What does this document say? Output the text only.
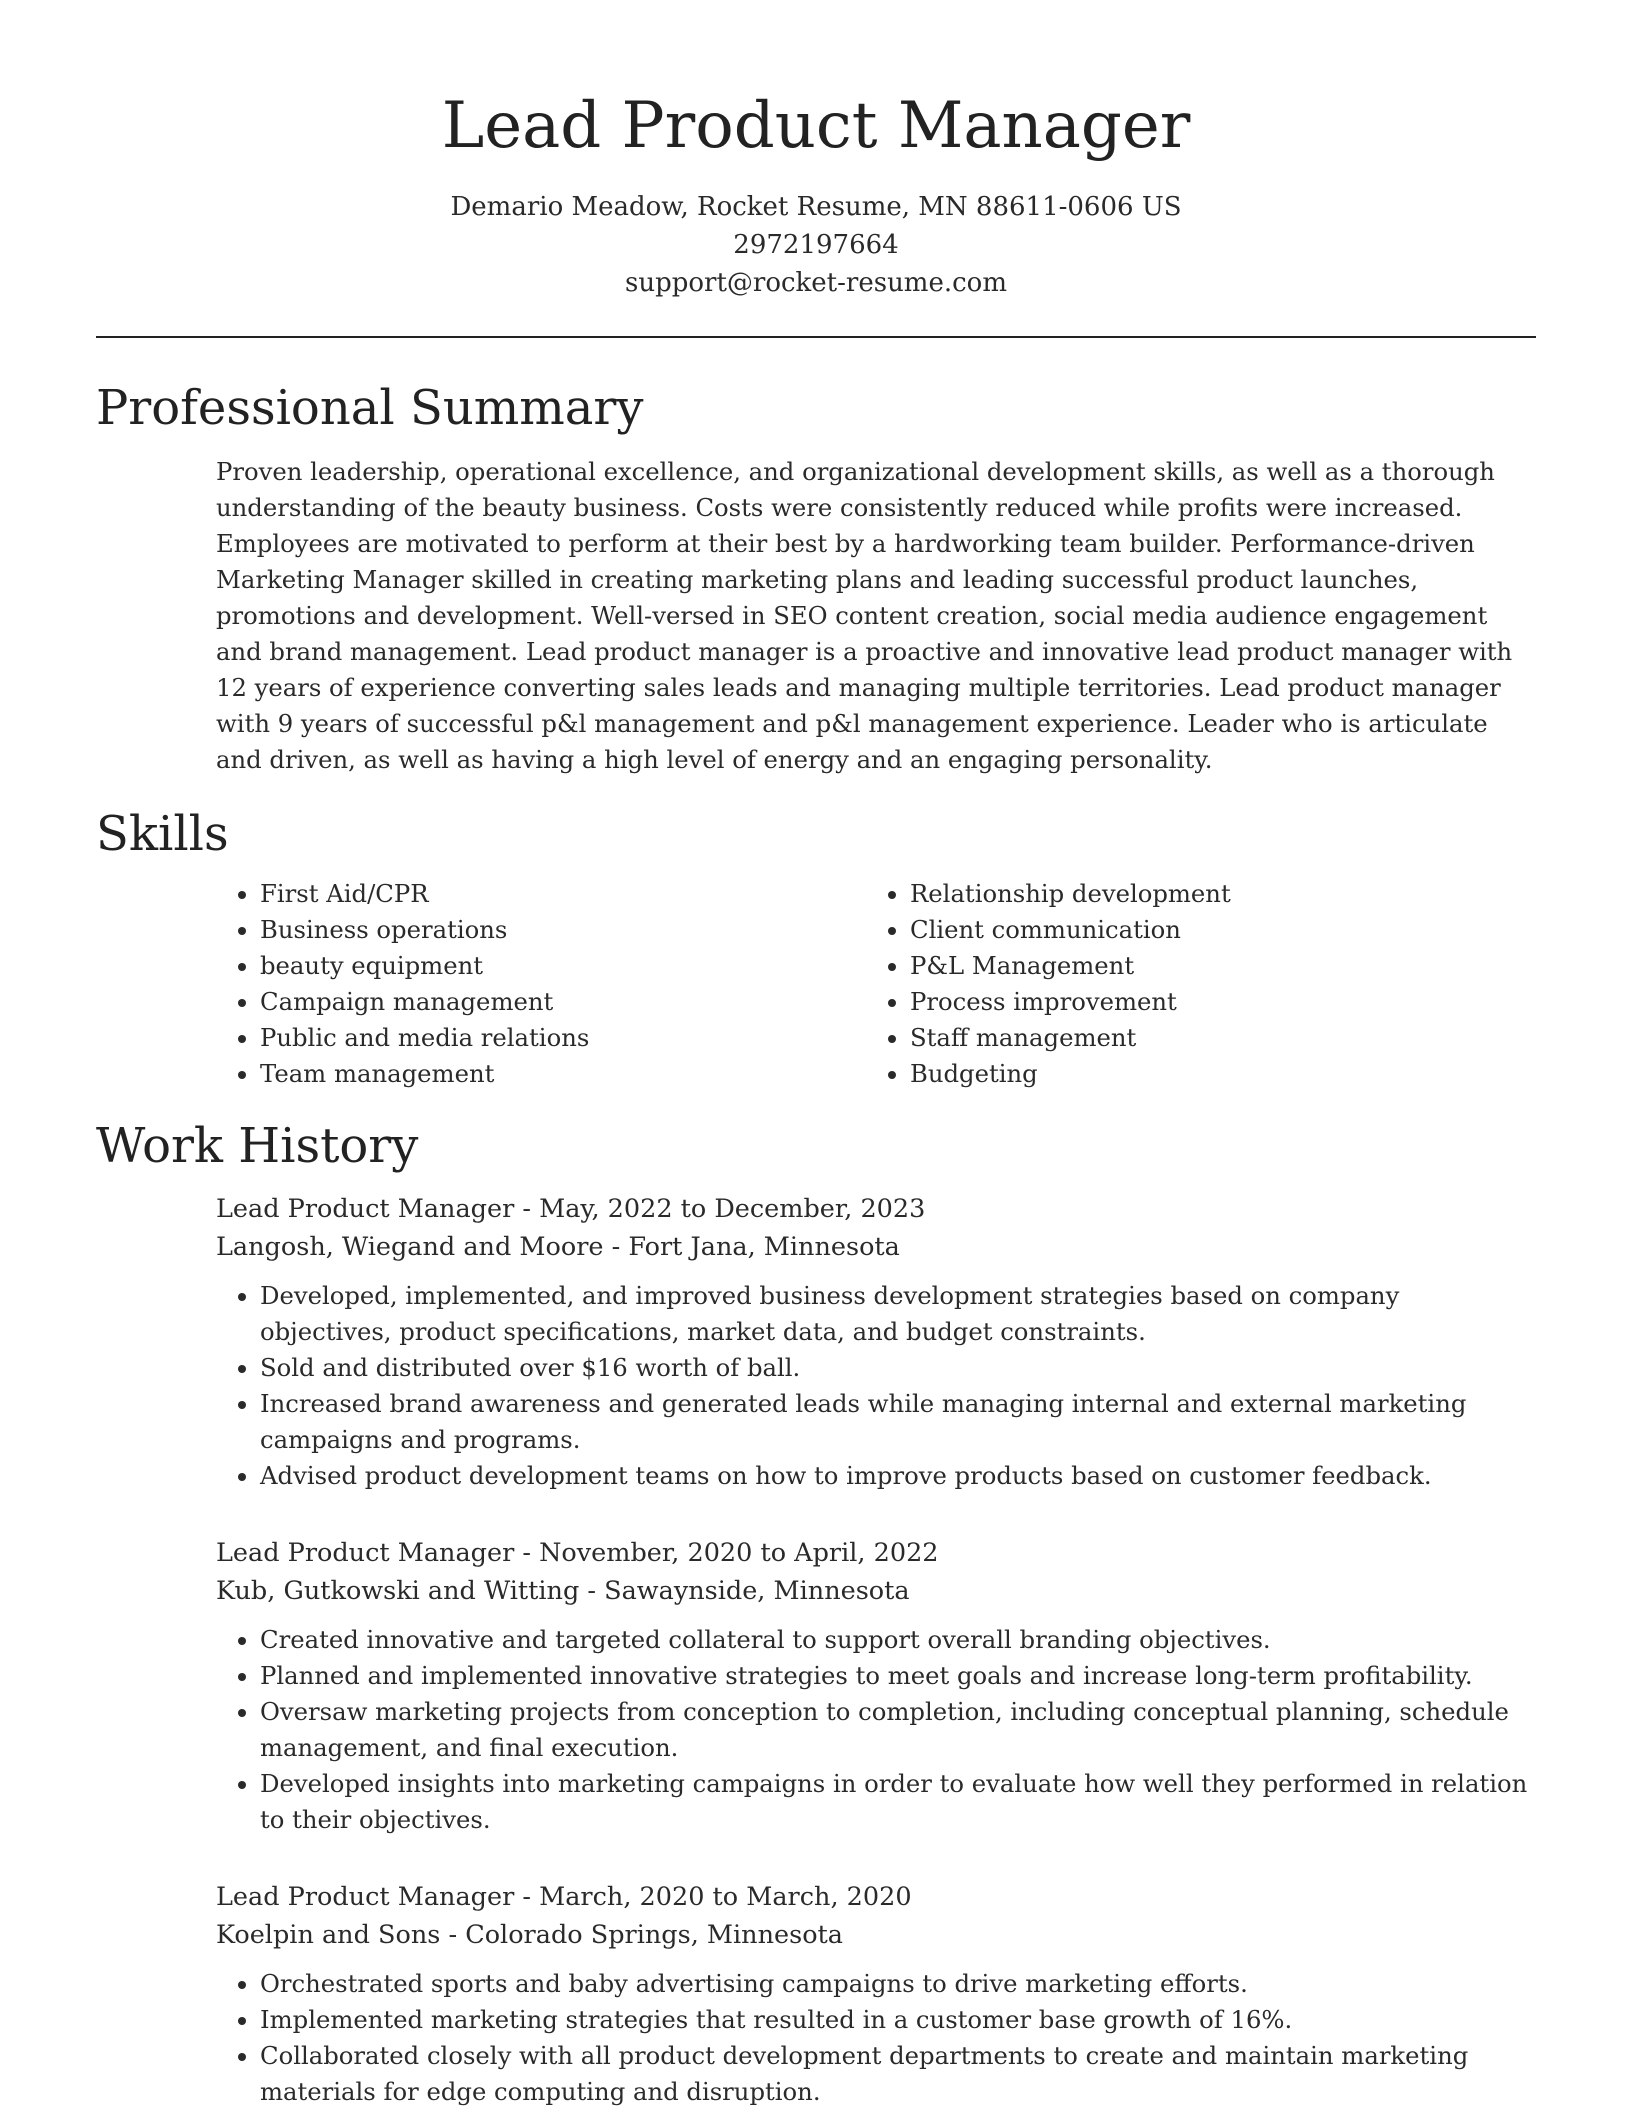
Lead Product Manager
Demario Meadow, Rocket Resume, MN 88611-0606 US
2972197664
support@rocket-resume.com
Professional Summary
Proven leadership, operational excellence, and organizational development skills, as well as a thorough understanding of the beauty business. Costs were consistently reduced while profits were increased. Employees are motivated to perform at their best by a hardworking team builder. Performance-driven Marketing Manager skilled in creating marketing plans and leading successful product launches, promotions and development. Well-versed in SEO content creation, social media audience engagement and brand management. Lead product manager is a proactive and innovative lead product manager with 12 years of experience converting sales leads and managing multiple territories. Lead product manager with 9 years of successful p&l management and p&l management experience. Leader who is articulate and driven, as well as having a high level of energy and an engaging personality.
Skills
• First Aid/CPR
• Business operations
• beauty equipment
• Campaign management
• Public and media relations
• Team management
• Relationship development
• Client communication
• P&L Management
• Process improvement
• Staff management
• Budgeting
Work History
Lead Product Manager - May, 2022 to December, 2023
Langosh, Wiegand and Moore - Fort Jana, Minnesota
• Developed, implemented, and improved business development strategies based on company objectives, product specifications, market data, and budget constraints.
• Sold and distributed over $16 worth of ball.
• Increased brand awareness and generated leads while managing internal and external marketing campaigns and programs.
• Advised product development teams on how to improve products based on customer feedback.
Lead Product Manager - November, 2020 to April, 2022
Kub, Gutkowski and Witting - Sawaynside, Minnesota
• Created innovative and targeted collateral to support overall branding objectives.
• Planned and implemented innovative strategies to meet goals and increase long-term profitability.
• Oversaw marketing projects from conception to completion, including conceptual planning, schedule management, and final execution.
• Developed insights into marketing campaigns in order to evaluate how well they performed in relation to their objectives.
Lead Product Manager - March, 2020 to March, 2020
Koelpin and Sons - Colorado Springs, Minnesota
• Orchestrated sports and baby advertising campaigns to drive marketing efforts.
• Implemented marketing strategies that resulted in a customer base growth of 16%.
• Collaborated closely with all product development departments to create and maintain marketing materials for edge computing and disruption.
